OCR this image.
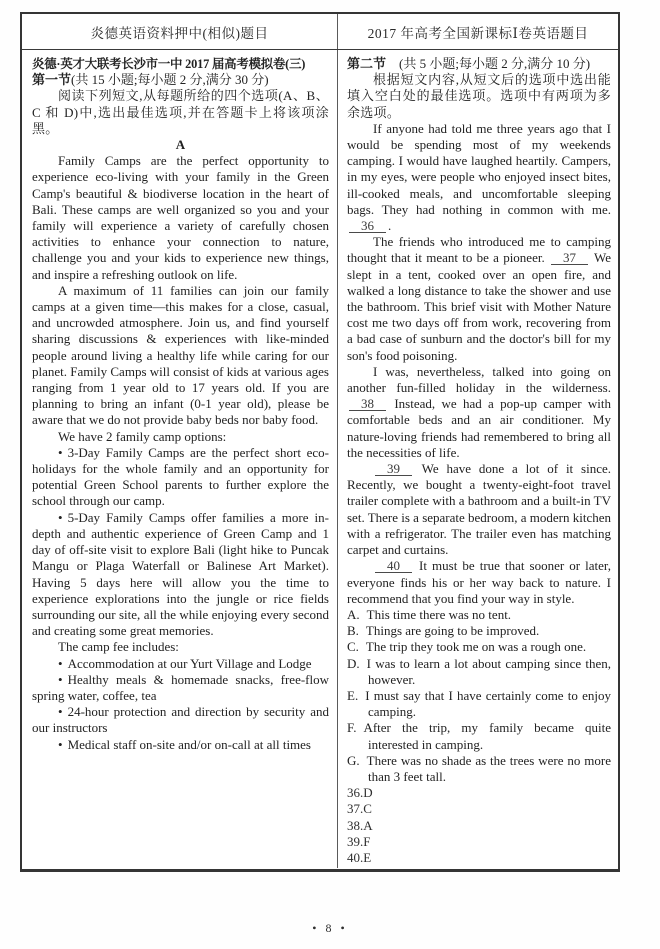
炎德英语资料押中(相似)题目	2017 年高考全国新课标Ⅰ卷英语题目

炎德·英才大联考长沙市一中 2017 届高考模拟卷(三)

第一节(共 15 小题;每小题 2 分,满分 30 分)

阅读下列短文,从每题所给的四个选项(A、B、C 和 D)中,选出最佳选项,并在答题卡上将该项涂黑。

A

Family Camps are the perfect opportunity to experience eco-living with your family in the Green Camp's beautiful & biodiverse location in the heart of Bali. These camps are well organized so you and your family will experience a variety of carefully chosen activities to enhance your connection to nature, challenge you and your kids to experience new things, and inspire a refreshing outlook on life.

A maximum of 11 families can join our family camps at a given time—this makes for a close, casual, and uncrowded atmosphere. Join us, and find yourself sharing discussions & experiences with like-minded people around living a healthy life while caring for our planet. Family Camps will consist of kids at various ages ranging from 1 year old to 17 years old. If you are planning to bring an infant (0-1 year old), please be aware that we do not provide baby beds nor baby food.

We have 2 family camp options:

• 3-Day Family Camps are the perfect short eco-holidays for the whole family and an opportunity for potential Green School parents to further explore the school through our camp.

• 5-Day Family Camps offer families a more in-depth and authentic experience of Green Camp and 1 day of off-site visit to explore Bali (light hike to Puncak Mangu or Plaga Waterfall or Balinese Art Market). Having 5 days here will allow you the time to experience explorations into the jungle or rice fields surrounding our site, all the while enjoying every second and creating some great memories.

The camp fee includes:

• Accommodation at our Yurt Village and Lodge

• Healthy meals & homemade snacks, free-flow spring water, coffee, tea

• 24-hour protection and direction by security and our instructors

• Medical staff on-site and/or on-call at all times

第二节　(共 5 小题;每小题 2 分,满分 10 分)

根据短文内容,从短文后的选项中选出能填入空白处的最佳选项。选项中有两项为多余选项。

If anyone had told me three years ago that I would be spending most of my weekends camping. I would have laughed heartily. Campers, in my eyes, were people who enjoyed insect bites, ill-cooked meals, and uncomfortable sleeping bags. They had nothing in common with me. 36 .

The friends who introduced me to camping thought that it meant to be a pioneer. 37 We slept in a tent, cooked over an open fire, and walked a long distance to take the shower and use the bathroom. This brief visit with Mother Nature cost me two days off from work, recovering from a bad case of sunburn and the doctor's bill for my son's food poisoning.

I was, nevertheless, talked into going on another fun-filled holiday in the wilderness. 38 Instead, we had a pop-up camper with comfortable beds and an air conditioner. My nature-loving friends had remembered to bring all the necessities of life.

39 We have done a lot of it since. Recently, we bought a twenty-eight-foot travel trailer complete with a bathroom and a built-in TV set. There is a separate bedroom, a modern kitchen with a refrigerator. The trailer even has matching carpet and curtains.

40 It must be true that sooner or later, everyone finds his or her way back to nature. I recommend that you find your way in style.

A. This time there was no tent.
B. Things are going to be improved.
C. The trip they took me on was a rough one.
D. I was to learn a lot about camping since then, however.
E. I must say that I have certainly come to enjoy camping.
F. After the trip, my family became quite interested in camping.
G. There was no shade as the trees were no more than 3 feet tall.

36.D

37.C

38.A

39.F

40.E

• 8 •
